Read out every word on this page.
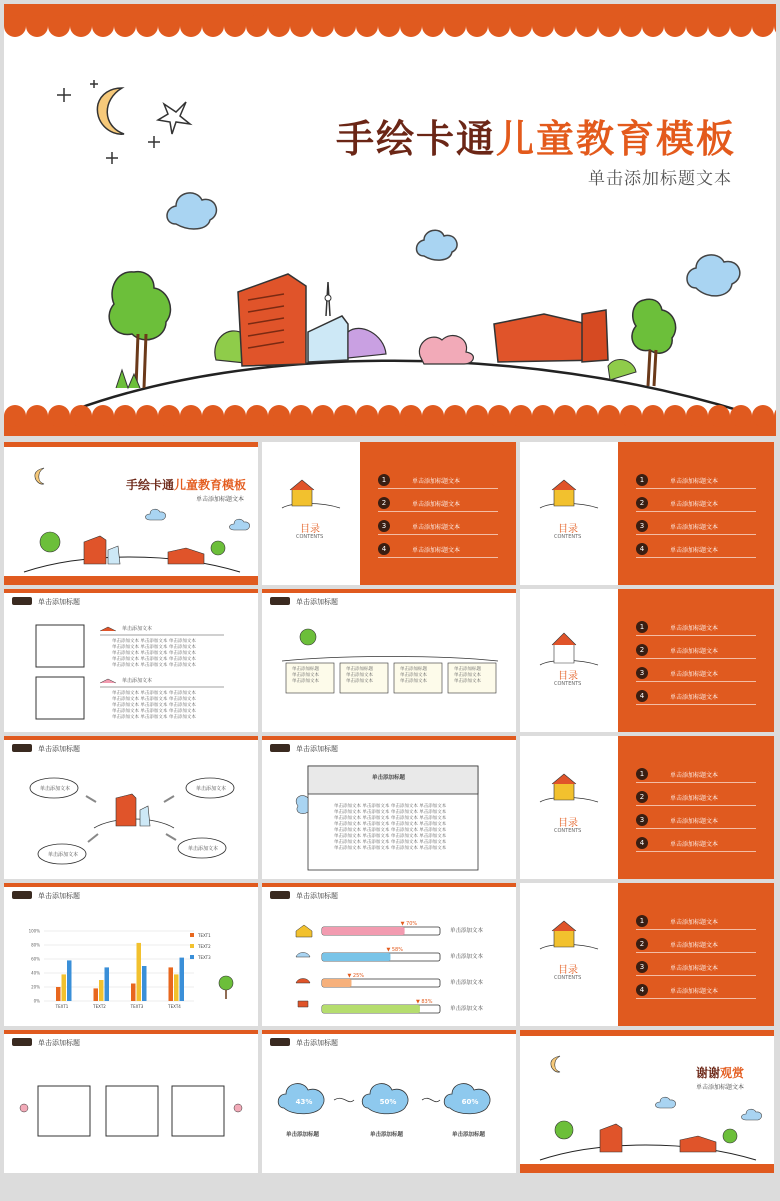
手绘卡通儿童教育模板
单击添加标题文本
手绘卡通儿童教育模板
单击添加标题文本
目录
CONTENTS
1	单击添加标题文本
2	单击添加标题文本
3	单击添加标题文本
4	单击添加标题文本
目录
CONTENTS
1	单击添加标题文本
2	单击添加标题文本
3	单击添加标题文本
4	单击添加标题文本
单击添加标题
单击添加文本
单击添加文本 单击添加文本 单击添加文本
单击添加文本 单击添加文本 单击添加文本
单击添加文本 单击添加文本 单击添加文本
单击添加文本 单击添加文本 单击添加文本
单击添加文本 单击添加文本 单击添加文本
单击添加文本
单击添加文本 单击添加文本 单击添加文本
单击添加文本 单击添加文本 单击添加文本
单击添加文本 单击添加文本 单击添加文本
单击添加文本 单击添加文本 单击添加文本
单击添加文本 单击添加文本 单击添加文本
单击添加标题
单击添加标题
单击添加文本
单击添加文本
单击添加标题
单击添加文本
单击添加文本
单击添加标题
单击添加文本
单击添加文本
单击添加标题
单击添加文本
单击添加文本	目录
CONTENTS
1	单击添加标题文本
2	单击添加标题文本
3	单击添加标题文本
4	单击添加标题文本
单击添加标题
单击添加文本	单击添加文本
单击添加文本
单击添加文本
单击添加标题
单击添加标题
单击添加文本 单击添加文本 单击添加文本 单击添加文本
单击添加文本 单击添加文本 单击添加文本 单击添加文本
单击添加文本 单击添加文本 单击添加文本 单击添加文本
单击添加文本 单击添加文本 单击添加文本 单击添加文本
单击添加文本 单击添加文本 单击添加文本 单击添加文本
单击添加文本 单击添加文本 单击添加文本 单击添加文本
单击添加文本 单击添加文本 单击添加文本 单击添加文本
单击添加文本 单击添加文本 单击添加文本 单击添加文本
目录
CONTENTS
1	单击添加标题文本
2	单击添加标题文本
3	单击添加标题文本
4	单击添加标题文本
100%
80%
60%
40%
20%
0%
TEXT1	TEXT2	TEXT3	TEXT4
TEXT1
TEXT2
TEXT3
单击添加标题
▼ 70%
▼ 58%
▼ 25%
▼ 83%
单击添加标题
单击添加文本
单击添加文本
单击添加文本
单击添加文本
目录
CONTENTS
1	单击添加标题文本
2	单击添加标题文本
3	单击添加标题文本
4	单击添加标题文本
单击添加标题
43%	50%	60%
单击添加标题
单击添加标题	单击添加标题	单击添加标题
谢谢观赏
单击添加标题文本
